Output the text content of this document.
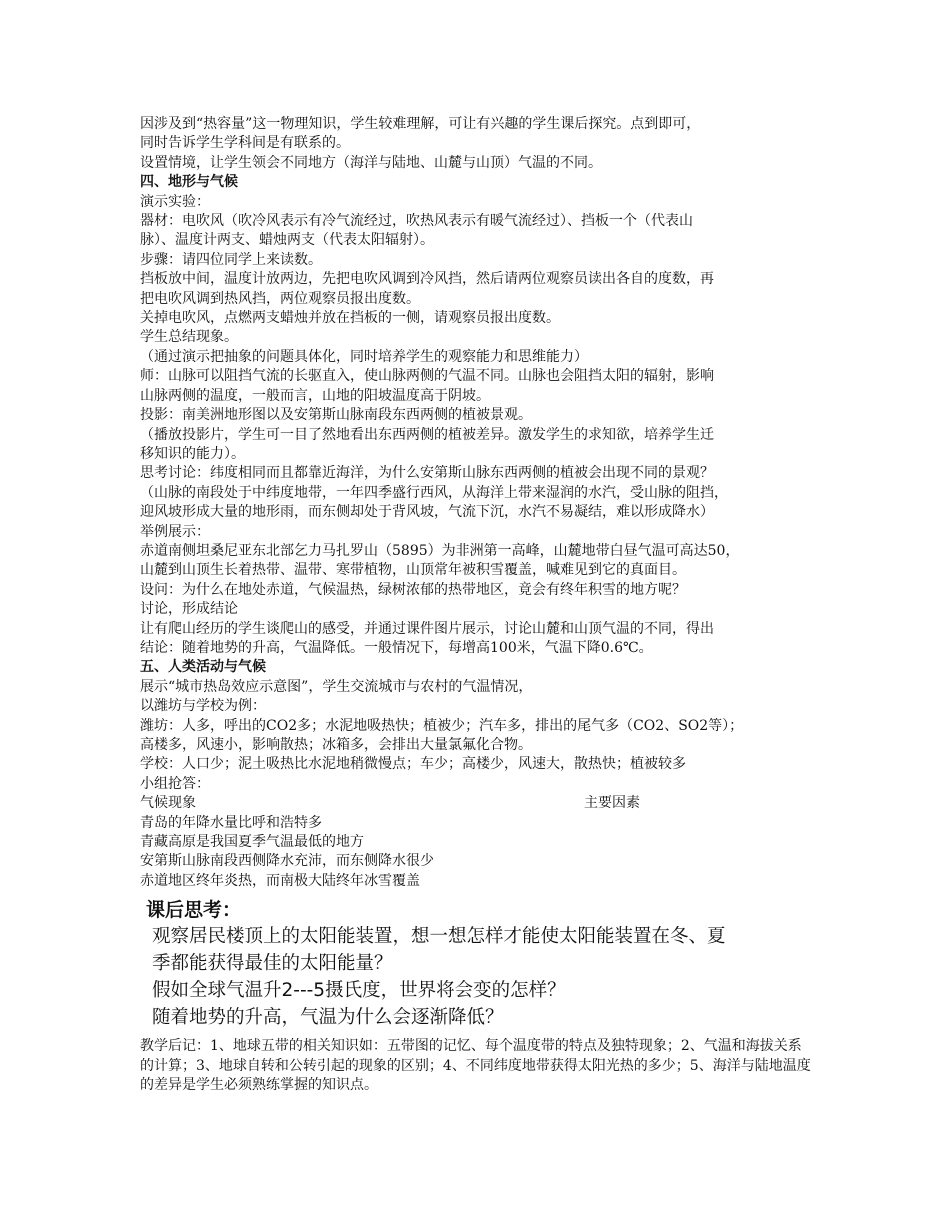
因涉及到“热容量”这一物理知识，学生较难理解，可让有兴趣的学生课后探究。点到即可，

同时告诉学生学科间是有联系的。

设置情境，让学生领会不同地方（海洋与陆地、山麓与山顶）气温的不同。

四、地形与气候

演示实验：

器材：电吹风（吹冷风表示有冷气流经过，吹热风表示有暖气流经过）、挡板一个（代表山

脉）、温度计两支、蜡烛两支（代表太阳辐射）。

步骤：请四位同学上来读数。

挡板放中间，温度计放两边，先把电吹风调到冷风挡，然后请两位观察员读出各自的度数，再

把电吹风调到热风挡，两位观察员报出度数。

关掉电吹风，点燃两支蜡烛并放在挡板的一侧，请观察员报出度数。

学生总结现象。

（通过演示把抽象的问题具体化，同时培养学生的观察能力和思维能力）

师：山脉可以阻挡气流的长驱直入，使山脉两侧的气温不同。山脉也会阻挡太阳的辐射，影响

山脉两侧的温度，一般而言，山地的阳坡温度高于阴坡。

投影：南美洲地形图以及安第斯山脉南段东西两侧的植被景观。

（播放投影片，学生可一目了然地看出东西两侧的植被差异。激发学生的求知欲，培养学生迁

移知识的能力）。

思考讨论：纬度相同而且都靠近海洋，为什么安第斯山脉东西两侧的植被会出现不同的景观？

（山脉的南段处于中纬度地带，一年四季盛行西风，从海洋上带来湿润的水汽，受山脉的阻挡，

迎风坡形成大量的地形雨，而东侧却处于背风坡，气流下沉，水汽不易凝结，难以形成降水）

举例展示：

赤道南侧坦桑尼亚东北部乞力马扎罗山（5895）为非洲第一高峰，山麓地带白昼气温可高达50，

山麓到山顶生长着热带、温带、寒带植物，山顶常年被积雪覆盖，喊难见到它的真面目。

设问：为什么在地处赤道，气候温热，绿树浓郁的热带地区，竟会有终年积雪的地方呢？

讨论，形成结论

让有爬山经历的学生谈爬山的感受，并通过课件图片展示，讨论山麓和山顶气温的不同，得出

结论：随着地势的升高，气温降低。一般情况下，每增高100米，气温下降0.6℃。

五、人类活动与气候

展示“城市热岛效应示意图”，学生交流城市与农村的气温情况，

以潍坊与学校为例：

潍坊：人多，呼出的CO2多；水泥地吸热快；植被少；汽车多，排出的尾气多（CO2、SO2等）；

高楼多，风速小，影响散热；冰箱多，会排出大量氯氟化合物。

学校：人口少；泥土吸热比水泥地稍微慢点；车少；高楼少，风速大，散热快；植被较多

小组抢答：

气候现象	主要因素

青岛的年降水量比呼和浩特多

青藏高原是我国夏季气温最低的地方

安第斯山脉南段西侧降水充沛，而东侧降水很少

赤道地区终年炎热，而南极大陆终年冰雪覆盖

课后思考：
观察居民楼顶上的太阳能装置，想一想怎样才能使太阳能装置在冬、夏
季都能获得最佳的太阳能量？
假如全球气温升2---5摄氏度，世界将会变的怎样？
随着地势的升高，气温为什么会逐渐降低？

教学后记：1、地球五带的相关知识如：五带图的记忆、每个温度带的特点及独特现象；2、气温和海拔关系的计算；3、地球自转和公转引起的现象的区别；4、不同纬度地带获得太阳光热的多少；5、海洋与陆地温度的差异是学生必须熟练掌握的知识点。
